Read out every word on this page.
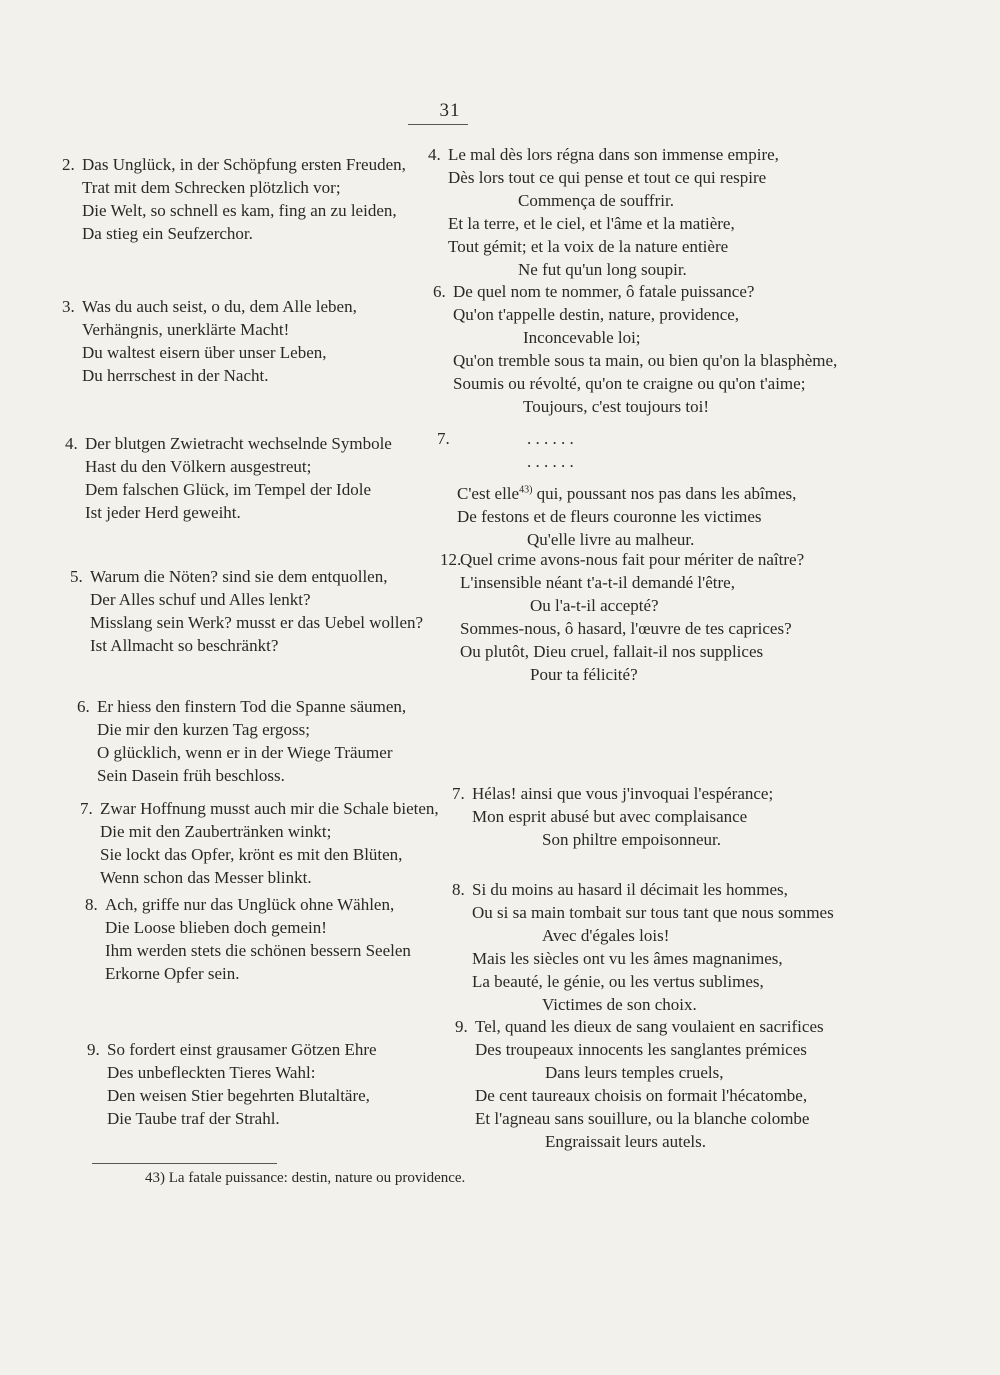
31
2. Das Unglück, in der Schöpfung ersten Freuden,
Trat mit dem Schrecken plötzlich vor;
Die Welt, so schnell es kam, fing an zu leiden,
Da stieg ein Seufzerchor.
3. Was du auch seist, o du, dem Alle leben,
Verhängnis, unerklärte Macht!
Du waltest eisern über unser Leben,
Du herrschest in der Nacht.
4. Der blutgen Zwietracht wechselnde Symbole
Hast du den Völkern ausgestreut;
Dem falschen Glück, im Tempel der Idole
Ist jeder Herd geweiht.
5. Warum die Nöten? sind sie dem entquollen,
Der Alles schuf und Alles lenkt?
Misslang sein Werk? musst er das Uebel wollen?
Ist Allmacht so beschränkt?
6. Er hiess den finstern Tod die Spanne säumen,
Die mir den kurzen Tag ergoss;
O glücklich, wenn er in der Wiege Träumer
Sein Dasein früh beschloss.
7. Zwar Hoffnung musst auch mir die Schale bieten,
Die mit den Zaubertränken winkt;
Sie lockt das Opfer, krönt es mit den Blüten,
Wenn schon das Messer blinkt.
8. Ach, griffe nur das Unglück ohne Wählen,
Die Loose blieben doch gemein!
Ihm werden stets die schönen bessern Seelen
Erkorne Opfer sein.
9. So fordert einst grausamer Götzen Ehre
Des unbefleckten Tieres Wahl:
Den weisen Stier begehrten Blutaltäre,
Die Taube traf der Strahl.
4. Le mal dès lors régna dans son immense empire,
Dès lors tout ce qui pense et tout ce qui respire
Commença de souffrir.
Et la terre, et le ciel, et l'âme et la matière,
Tout gémit; et la voix de la nature entière
Ne fut qu'un long soupir.
6. De quel nom te nommer, ô fatale puissance?
Qu'on t'appelle destin, nature, providence,
Inconcevable loi;
Qu'on tremble sous ta main, ou bien qu'on la blasphème,
Soumis ou révolté, qu'on te craigne ou qu'on t'aime;
Toujours, c'est toujours toi!
7.	. . . . . .
. . . . . .
C'est elle$^{43)}$ qui, poussant nos pas dans les abîmes,
De festons et de fleurs couronne les victimes
Qu'elle livre au malheur.
12.Quel crime avons-nous fait pour mériter de naître?
L'insensible néant t'a-t-il demandé l'être,
Ou l'a-t-il accepté?
Sommes-nous, ô hasard, l'œuvre de tes caprices?
Ou plutôt, Dieu cruel, fallait-il nos supplices
Pour ta félicité?
7. Hélas! ainsi que vous j'invoquai l'espérance;
Mon esprit abusé but avec complaisance
Son philtre empoisonneur.
8. Si du moins au hasard il décimait les hommes,
Ou si sa main tombait sur tous tant que nous sommes
Avec d'égales lois!
Mais les siècles ont vu les âmes magnanimes,
La beauté, le génie, ou les vertus sublimes,
Victimes de son choix.
9. Tel, quand les dieux de sang voulaient en sacrifices
Des troupeaux innocents les sanglantes prémices
Dans leurs temples cruels,
De cent taureaux choisis on formait l'hécatombe,
Et l'agneau sans souillure, ou la blanche colombe
Engraissait leurs autels.
43) La fatale puissance: destin, nature ou providence.
